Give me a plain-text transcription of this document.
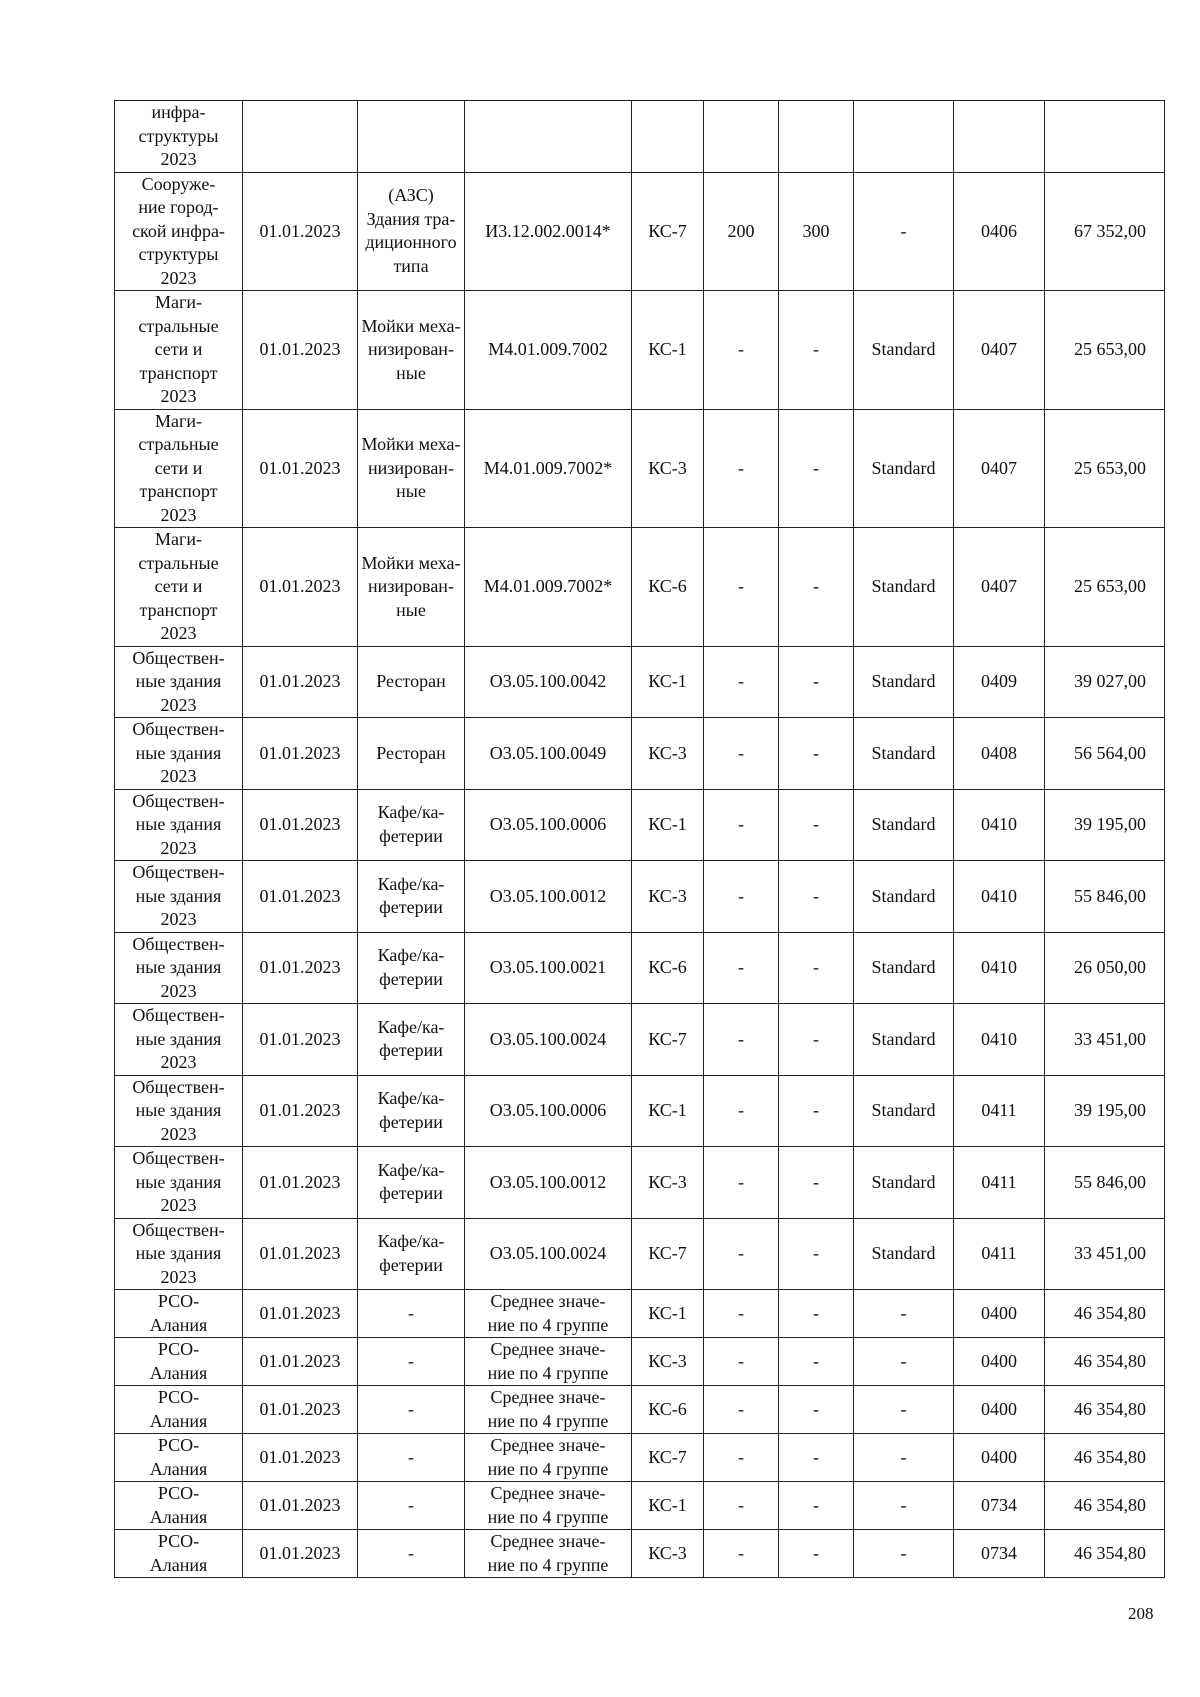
инфра-
структуры
2023									
Сооруже-
ние город-
ской инфра-
структуры
2023	01.01.2023	(АЗС)
Здания тра-
диционного
типа	И3.12.002.0014*	КС-7	200	300	-	0406	67 352,00
Маги-
стральные
сети и
транспорт
2023	01.01.2023	Мойки меха-
низирован-
ные	М4.01.009.7002	КС-1	-	-	Standard	0407	25 653,00
Маги-
стральные
сети и
транспорт
2023	01.01.2023	Мойки меха-
низирован-
ные	М4.01.009.7002*	КС-3	-	-	Standard	0407	25 653,00
Маги-
стральные
сети и
транспорт
2023	01.01.2023	Мойки меха-
низирован-
ные	М4.01.009.7002*	КС-6	-	-	Standard	0407	25 653,00
Обществен-
ные здания
2023	01.01.2023	Ресторан	О3.05.100.0042	КС-1	-	-	Standard	0409	39 027,00
Обществен-
ные здания
2023	01.01.2023	Ресторан	О3.05.100.0049	КС-3	-	-	Standard	0408	56 564,00
Обществен-
ные здания
2023	01.01.2023	Кафе/ка-
фетерии	О3.05.100.0006	КС-1	-	-	Standard	0410	39 195,00
Обществен-
ные здания
2023	01.01.2023	Кафе/ка-
фетерии	О3.05.100.0012	КС-3	-	-	Standard	0410	55 846,00
Обществен-
ные здания
2023	01.01.2023	Кафе/ка-
фетерии	О3.05.100.0021	КС-6	-	-	Standard	0410	26 050,00
Обществен-
ные здания
2023	01.01.2023	Кафе/ка-
фетерии	О3.05.100.0024	КС-7	-	-	Standard	0410	33 451,00
Обществен-
ные здания
2023	01.01.2023	Кафе/ка-
фетерии	О3.05.100.0006	КС-1	-	-	Standard	0411	39 195,00
Обществен-
ные здания
2023	01.01.2023	Кафе/ка-
фетерии	О3.05.100.0012	КС-3	-	-	Standard	0411	55 846,00
Обществен-
ные здания
2023	01.01.2023	Кафе/ка-
фетерии	О3.05.100.0024	КС-7	-	-	Standard	0411	33 451,00
РСО-
Алания	01.01.2023	-	Среднее значе-
ние по 4 группе	КС-1	-	-	-	0400	46 354,80
РСО-
Алания	01.01.2023	-	Среднее значе-
ние по 4 группе	КС-3	-	-	-	0400	46 354,80
РСО-
Алания	01.01.2023	-	Среднее значе-
ние по 4 группе	КС-6	-	-	-	0400	46 354,80
РСО-
Алания	01.01.2023	-	Среднее значе-
ние по 4 группе	КС-7	-	-	-	0400	46 354,80
РСО-
Алания	01.01.2023	-	Среднее значе-
ние по 4 группе	КС-1	-	-	-	0734	46 354,80
РСО-
Алания	01.01.2023	-	Среднее значе-
ние по 4 группе	КС-3	-	-	-	0734	46 354,80
208
